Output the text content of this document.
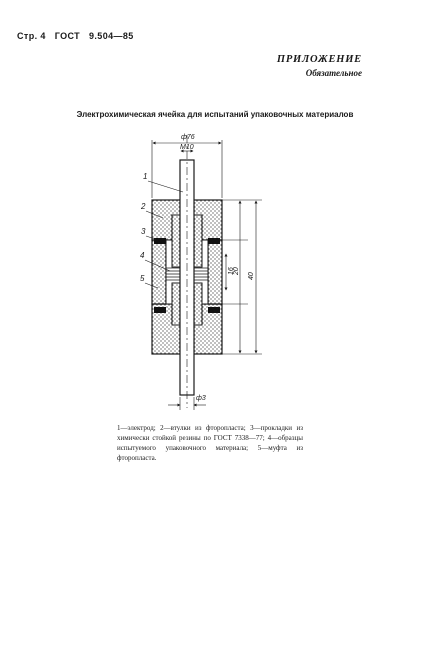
Стр. 4 ГОСТ 9.504—85
ПРИЛОЖЕНИЕ
Обязательное
Электрохимическая ячейка для испытаний упаковочных материалов
ф76
М10
16
20
40
ф3
1
2
3
4
5
1—электрод; 2—втулки из фторопласта; 3—прокладки из химически стойкой резины по ГОСТ 7338—77; 4—образцы испытуемого упаковочного материала; 5—муфта из фторопласта.
